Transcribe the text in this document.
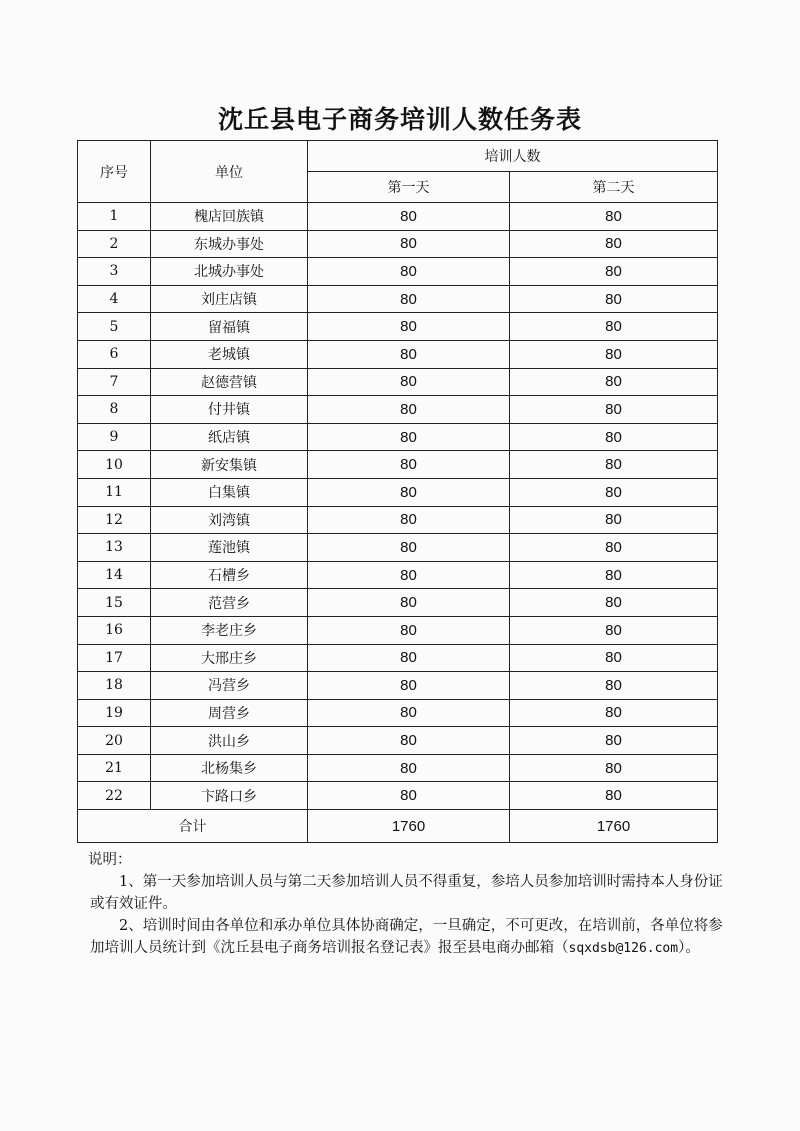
沈丘县电子商务培训人数任务表
序号	单位	培训人数	
		第一天	第二天
1	槐店回族镇	80	80
2	东城办事处	80	80
3	北城办事处	80	80
4	刘庄店镇	80	80
5	留福镇	80	80
6	老城镇	80	80
7	赵德营镇	80	80
8	付井镇	80	80
9	纸店镇	80	80
10	新安集镇	80	80
11	白集镇	80	80
12	刘湾镇	80	80
13	莲池镇	80	80
14	石槽乡	80	80
15	范营乡	80	80
16	李老庄乡	80	80
17	大邢庄乡	80	80
18	冯营乡	80	80
19	周营乡	80	80
20	洪山乡	80	80
21	北杨集乡	80	80
22	卞路口乡	80	80
合计		1760	1760

说明：

1、第一天参加培训人员与第二天参加培训人员不得重复，参培人员参加培训时需持本人身份证或有效证件。

2、培训时间由各单位和承办单位具体协商确定，一旦确定，不可更改，在培训前，各单位将参加培训人员统计到《沈丘县电子商务培训报名登记表》报至县电商办邮箱（sqxdsb@126.com）。
